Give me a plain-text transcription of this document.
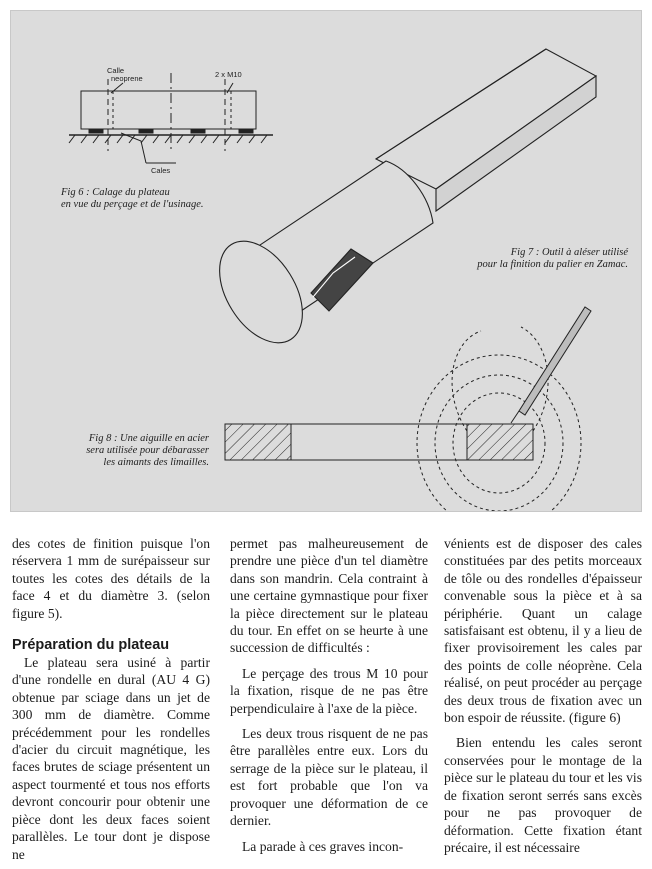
Calle
neoprene	2 x M10
Cales
Fig 6 : Calage du plateau
en vue du perçage et de l'usinage.
Fig 7 : Outil à aléser utilisé
pour la finition du palier en Zamac.
Fig 8 : Une aiguille en acier
sera utilisée pour débarasser
les aimants des limailles.

des cotes de finition puisque l'on réservera 1 mm de surépaisseur sur toutes les cotes des détails de la face 4 et du diamètre 3. (selon figure 5).

Préparation du plateau

Le plateau sera usiné à partir d'une rondelle en dural (AU 4 G) obtenue par sciage dans un jet de 300 mm de diamètre. Comme précédemment pour les rondelles d'acier du circuit magnétique, les faces brutes de sciage présentent un aspect tourmenté et tous nos efforts devront concourir pour obtenir une pièce dont les deux faces soient parallèles. Le tour dont je dispose ne

permet pas malheureusement de prendre une pièce d'un tel diamètre dans son mandrin. Cela contraint à une certaine gymnastique pour fixer la pièce directement sur le plateau du tour. En effet on se heurte à une succession de difficultés :

Le perçage des trous M 10 pour la fixation, risque de ne pas être perpendiculaire à l'axe de la pièce.

Les deux trous risquent de ne pas être parallèles entre eux. Lors du serrage de la pièce sur le plateau, il est fort probable que l'on va provoquer une déformation de ce dernier.

La parade à ces graves incon-

vénients est de disposer des cales constituées par des petits morceaux de tôle ou des rondelles d'épaisseur convenable sous la pièce et à sa périphérie. Quant un calage satisfaisant est obtenu, il y a lieu de fixer provisoirement les cales par des points de colle néoprène. Cela réalisé, on peut procéder au perçage des deux trous de fixation avec un bon espoir de réussite. (figure 6)

Bien entendu les cales seront conservées pour le montage de la pièce sur le plateau du tour et les vis de fixation seront serrés sans excès pour ne pas provoquer de déformation. Cette fixation étant précaire, il est nécessaire
